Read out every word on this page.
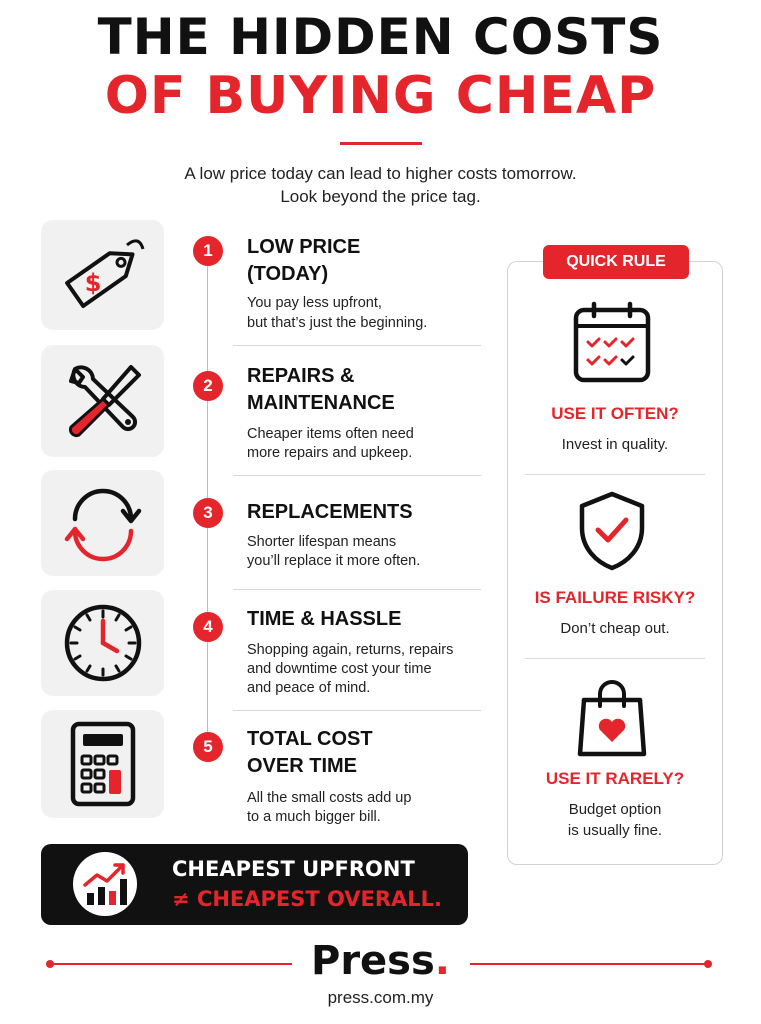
THE HIDDEN COSTS
OF BUYING CHEAP
A low price today can lead to higher costs tomorrow.
Look beyond the price tag.
$
1	LOW PRICE
(TODAY)
You pay less upfront,
but that’s just the beginning.
2	REPAIRS &
MAINTENANCE
Cheaper items often need
more repairs and upkeep.
3	REPLACEMENTS
Shorter lifespan means
you’ll replace it more often.
4	TIME & HASSLE
Shopping again, returns, repairs
and downtime cost your time
and peace of mind.
5	TOTAL COST
OVER TIME
All the small costs add up
to a much bigger bill.
QUICK RULE
USE IT OFTEN?
Invest in quality.
IS FAILURE RISKY?
Don’t cheap out.
USE IT RARELY?
Budget option
is usually fine.
CHEAPEST UPFRONT
≠ CHEAPEST OVERALL.
Press.
press.com.my
